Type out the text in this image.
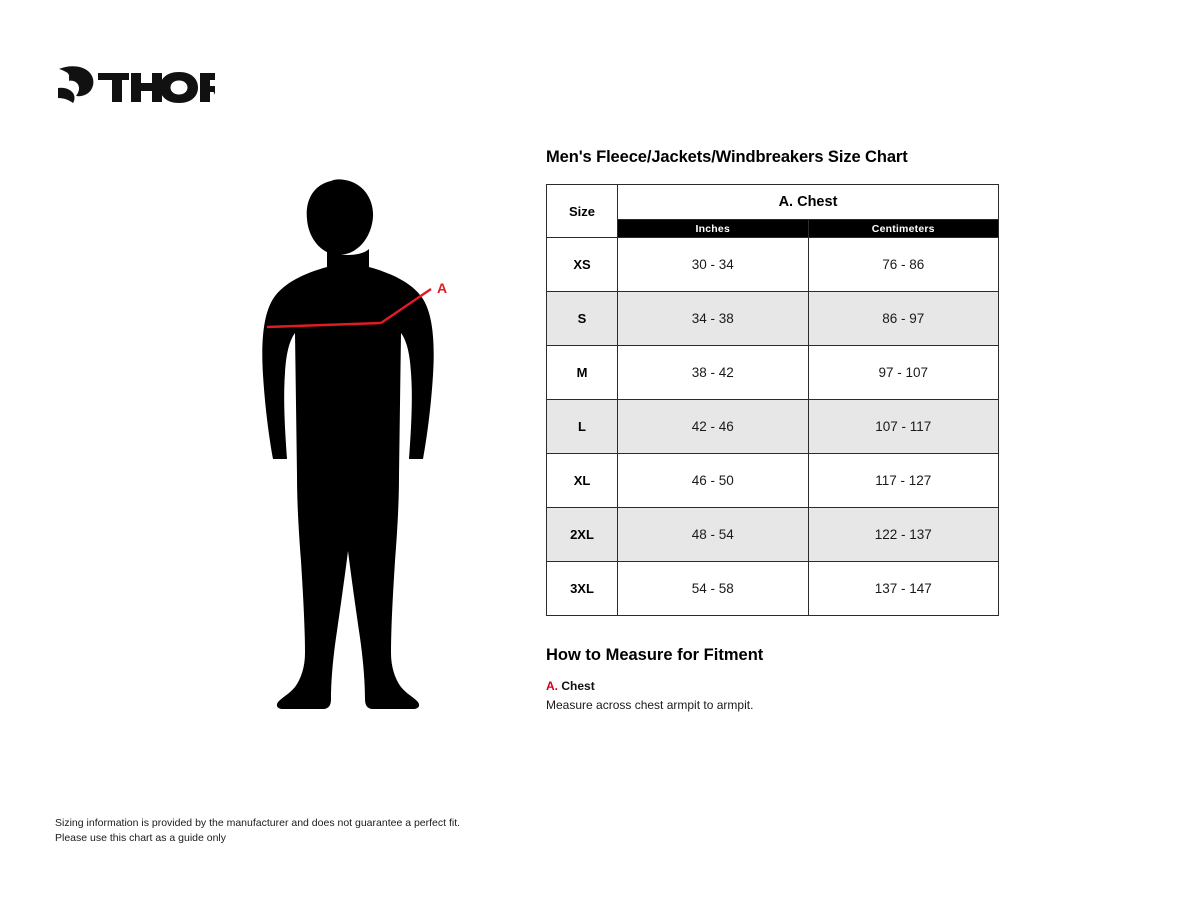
A
Men's Fleece/Jackets/Windbreakers Size Chart
Size	A. Chest	
	Inches	Centimeters
XS	30 - 34	76 - 86
S	34 - 38	86 - 97
M	38 - 42	97 - 107
L	42 - 46	107 - 117
XL	46 - 50	117 - 127
2XL	48 - 54	122 - 137
3XL	54 - 58	137 - 147
How to Measure for Fitment
A. Chest
Measure across chest armpit to armpit.
Sizing information is provided by the manufacturer and does not guarantee a perfect fit.
Please use this chart as a guide only
